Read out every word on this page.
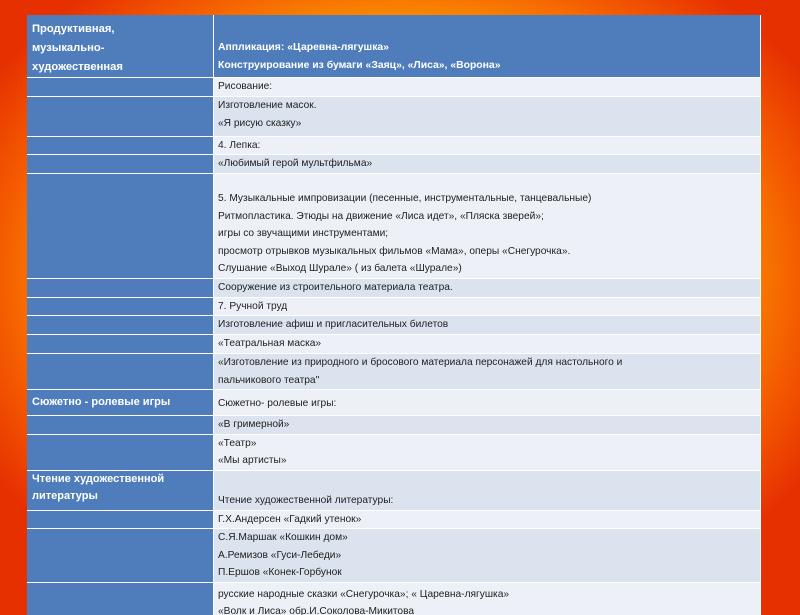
Продуктивная,
музыкально-
художественная	Аппликация: «Царевна-лягушка»
Конструирование из бумаги «Заяц», «Лиса», «Ворона»

	Рисование:

	Изготовление масок.
«Я рисую сказку»

	4. Лепка:

	«Любимый герой мультфильма»

	5. Музыкальные импровизации (песенные, инструментальные, танцевальные)
Ритмопластика. Этюды на движение «Лиса идет», «Пляска зверей»;
игры со звучащими инструментами;
просмотр отрывков музыкальных фильмов «Мама», оперы «Снегурочка».
Слушание «Выход Шурале» ( из балета «Шурале»)

	Сооружение из строительного материала театра.

	7. Ручной труд

	Изготовление афиш и пригласительных билетов

	«Театральная маска»

	«Изготовление из природного и бросового материала персонажей для настольного и
пальчикового театра"

Сюжетно - ролевые игры	Сюжетно- ролевые игры:

	«В гримерной»

	«Театр»
«Мы артисты»

Чтение художественной
литературы	Чтение художественной литературы:

	Г.Х.Андерсен «Гадкий утенок»

	С.Я.Маршак «Кошкин дом»
А.Ремизов «Гуси-Лебеди»
П.Ершов «Конек-Горбунок

	русские народные сказки «Снегурочка»; « Царевна-лягушка»
«Волк и Лиса» обр.И.Соколова-Микитова
